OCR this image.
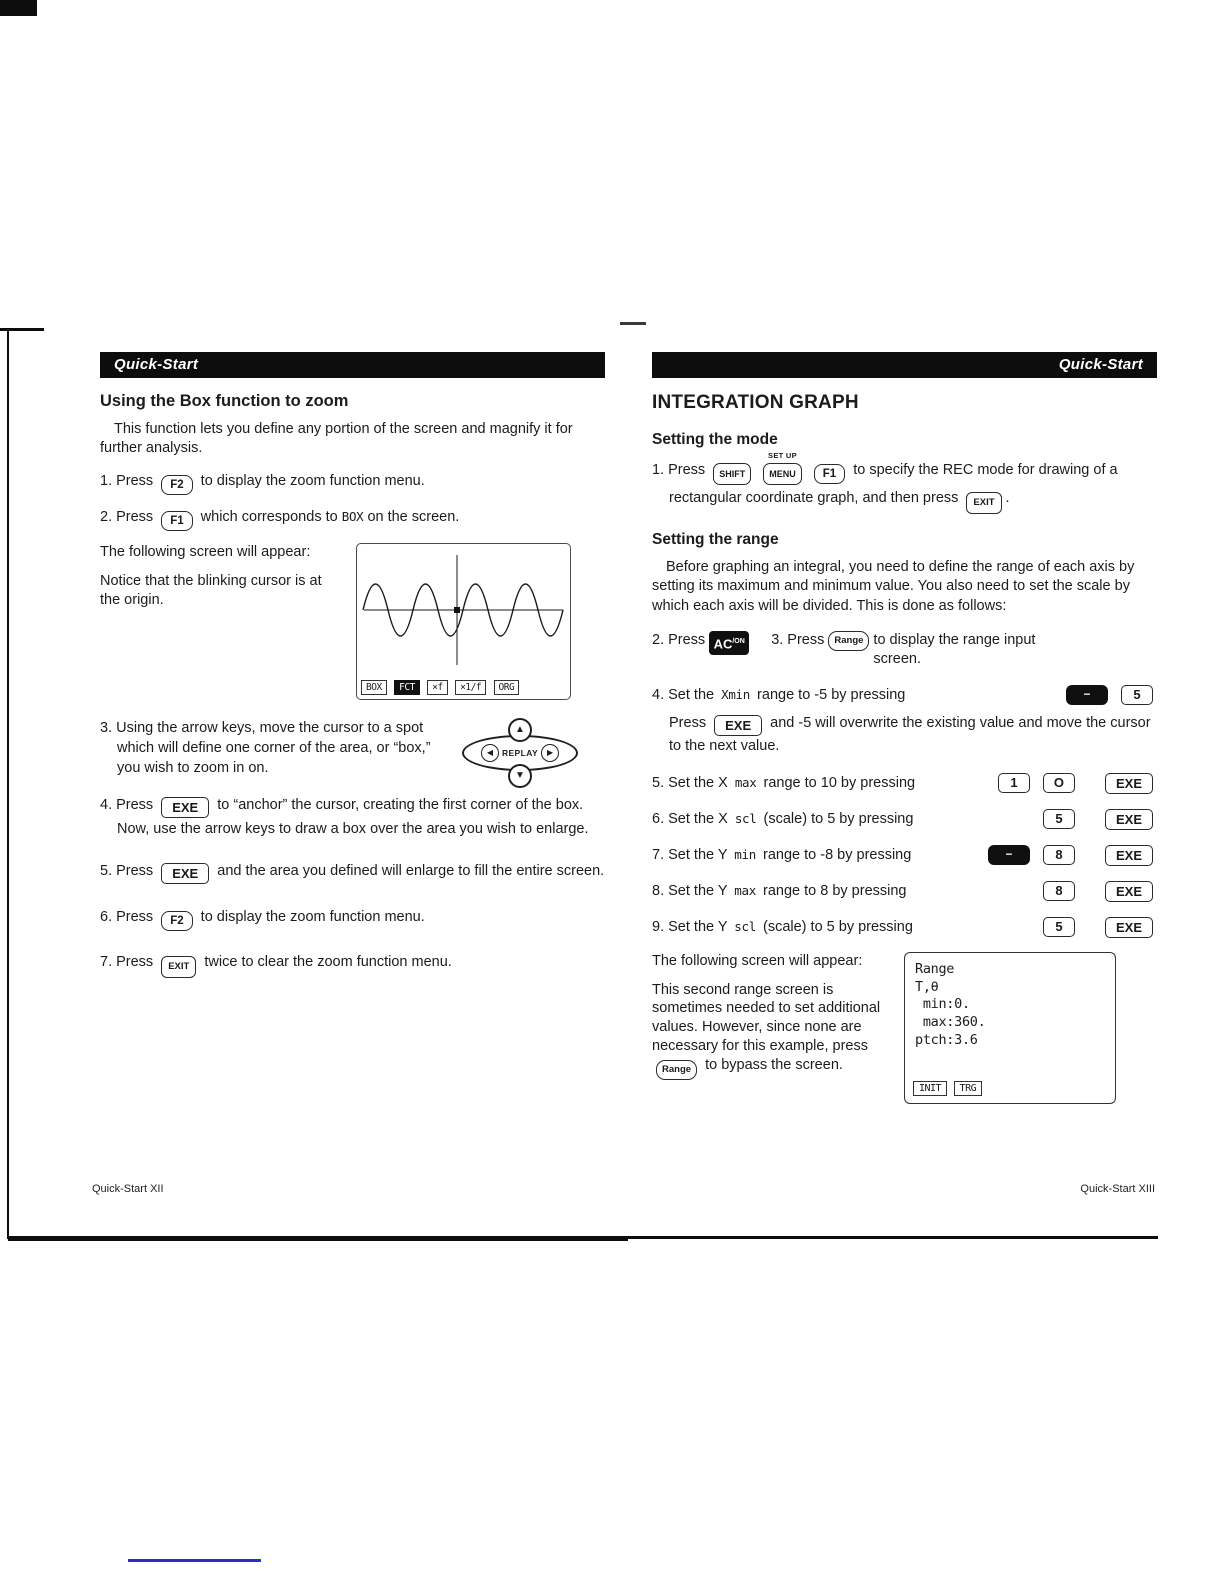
Quick-Start
Using the Box function to zoom

This function lets you define any portion of the screen and magnify it for further analysis.

1. Press F2 to display the zoom function menu.
2. Press F1 which corresponds to BOX on the screen.

The following screen will appear:

Notice that the blinking cursor is at the origin.

BOX FCT ×f ×1/f ORG
3. Using the arrow keys, move the cursor to a spot which will define one corner of the area, or “box,” you wish to zoom in on.
▲
◀	REPLAY	▶
▼
4. Press EXE to “anchor” the cursor, creating the first corner of the box. Now, use the arrow keys to draw a box over the area you wish to enlarge.
5. Press EXE and the area you defined will enlarge to fill the entire screen.
6. Press F2 to display the zoom function menu.
7. Press EXIT twice to clear the zoom function menu.
Quick-Start
INTEGRATION GRAPH
Setting the mode
1. Press SHIFT
SET UP
MENU F1 to specify the REC mode for drawing of a rectangular coordinate graph, and then press EXIT .
Setting the range

Before graphing an integral, you need to define the range of each axis by setting its maximum and minimum value. You also need to set the scale by which each axis will be divided. This is done as follows:

2. Press $AC^{/ON}$	3. Press	Range to display the range input screen.
4. Set the Xmin range to -5 by pressing	−	5
Press EXE and -5 will overwrite the existing value and move the cursor to the next value.
5. Set the X max range to 10 by pressing	1	O	EXE
6. Set the X scl (scale) to 5 by pressing	5	EXE
7. Set the Y min range to -8 by pressing	−	8	EXE
8. Set the Y max range to 8 by pressing	8	EXE
9. Set the Y scl (scale) to 5 by pressing	5	EXE

The following screen will appear:

This second range screen is sometimes needed to set additional values. However, since none are necessary for this example, press Range to bypass the screen.

Range
T,θ
min:0.
max:360.
ptch:3.6
INIT TRG
Quick-Start XII	Quick-Start XIII
